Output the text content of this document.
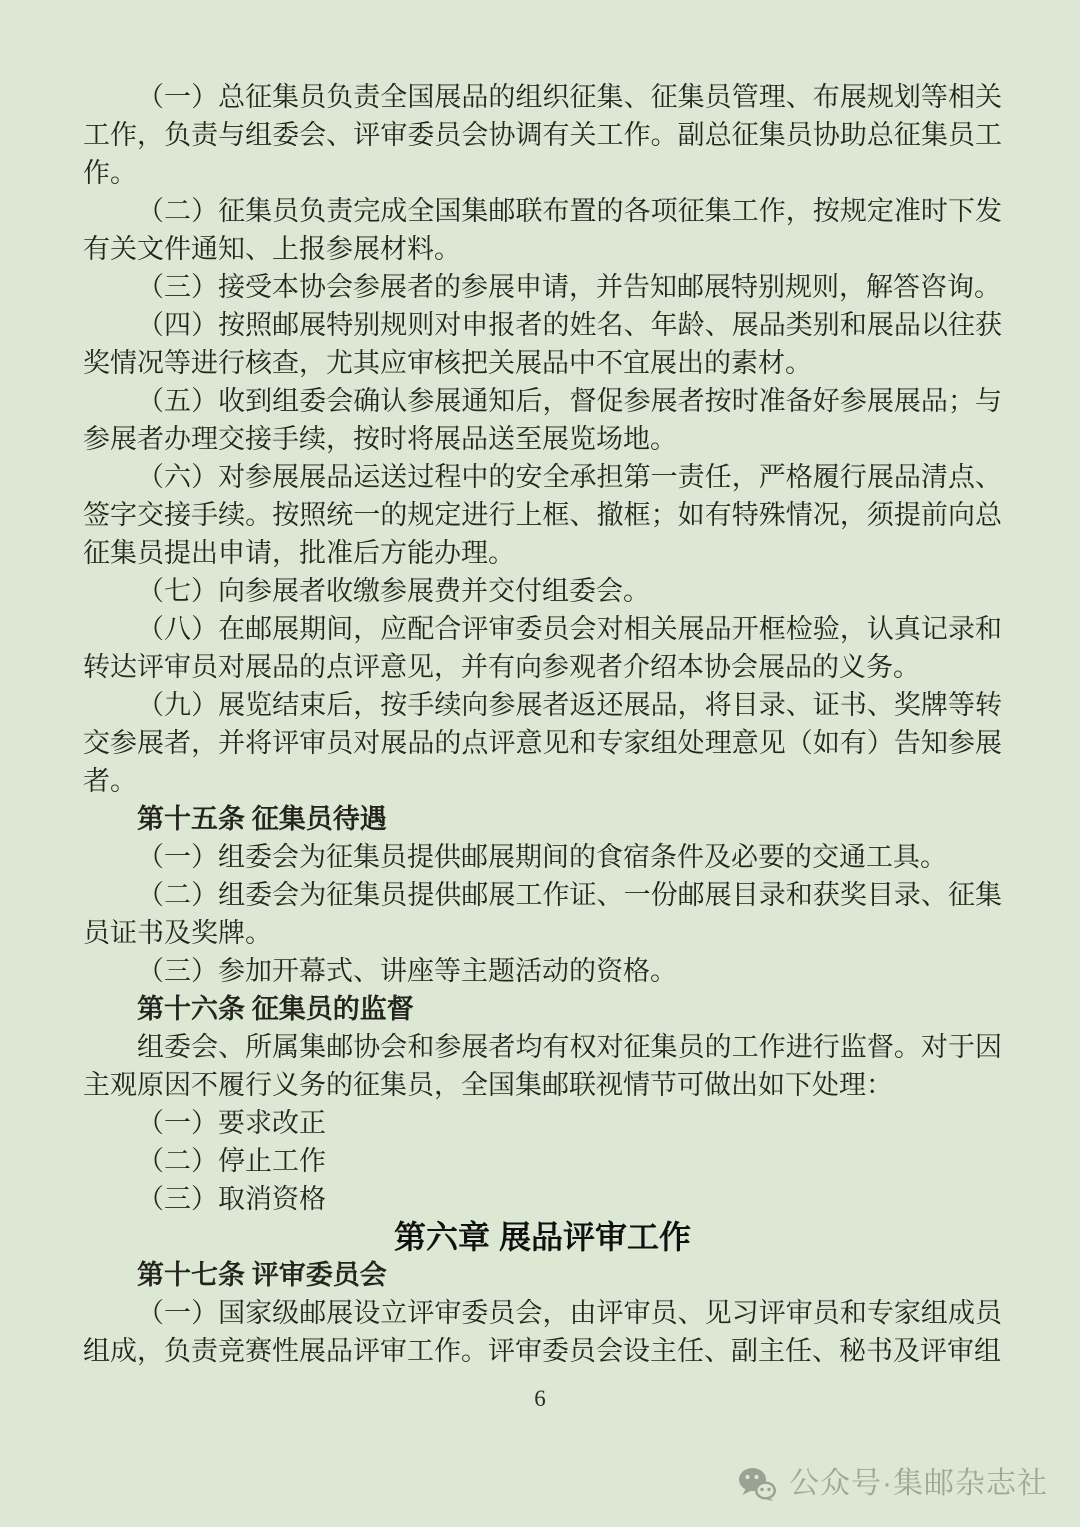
（一）总征集员负责全国展品的组织征集、征集员管理、布展规划等相关工作，负责与组委会、评审委员会协调有关工作。副总征集员协助总征集员工作。

（二）征集员负责完成全国集邮联布置的各项征集工作，按规定准时下发有关文件通知、上报参展材料。

（三）接受本协会参展者的参展申请，并告知邮展特别规则，解答咨询。

（四）按照邮展特别规则对申报者的姓名、年龄、展品类别和展品以往获奖情况等进行核查，尤其应审核把关展品中不宜展出的素材。

（五）收到组委会确认参展通知后，督促参展者按时准备好参展展品；与参展者办理交接手续，按时将展品送至展览场地。

（六）对参展展品运送过程中的安全承担第一责任，严格履行展品清点、签字交接手续。按照统一的规定进行上框、撤框；如有特殊情况，须提前向总征集员提出申请，批准后方能办理。

（七）向参展者收缴参展费并交付组委会。

（八）在邮展期间，应配合评审委员会对相关展品开框检验，认真记录和转达评审员对展品的点评意见，并有向参观者介绍本协会展品的义务。

（九）展览结束后，按手续向参展者返还展品，将目录、证书、奖牌等转交参展者，并将评审员对展品的点评意见和专家组处理意见（如有）告知参展者。

第十五条 征集员待遇

（一）组委会为征集员提供邮展期间的食宿条件及必要的交通工具。

（二）组委会为征集员提供邮展工作证、一份邮展目录和获奖目录、征集员证书及奖牌。

（三）参加开幕式、讲座等主题活动的资格。

第十六条 征集员的监督

组委会、所属集邮协会和参展者均有权对征集员的工作进行监督。对于因主观原因不履行义务的征集员，全国集邮联视情节可做出如下处理：

（一）要求改正

（二）停止工作

（三）取消资格

第六章 展品评审工作
第十七条 评审委员会

（一）国家级邮展设立评审委员会，由评审员、见习评审员和专家组成员组成，负责竞赛性展品评审工作。评审委员会设主任、副主任、秘书及评审组

6
公众号·集邮杂志社
